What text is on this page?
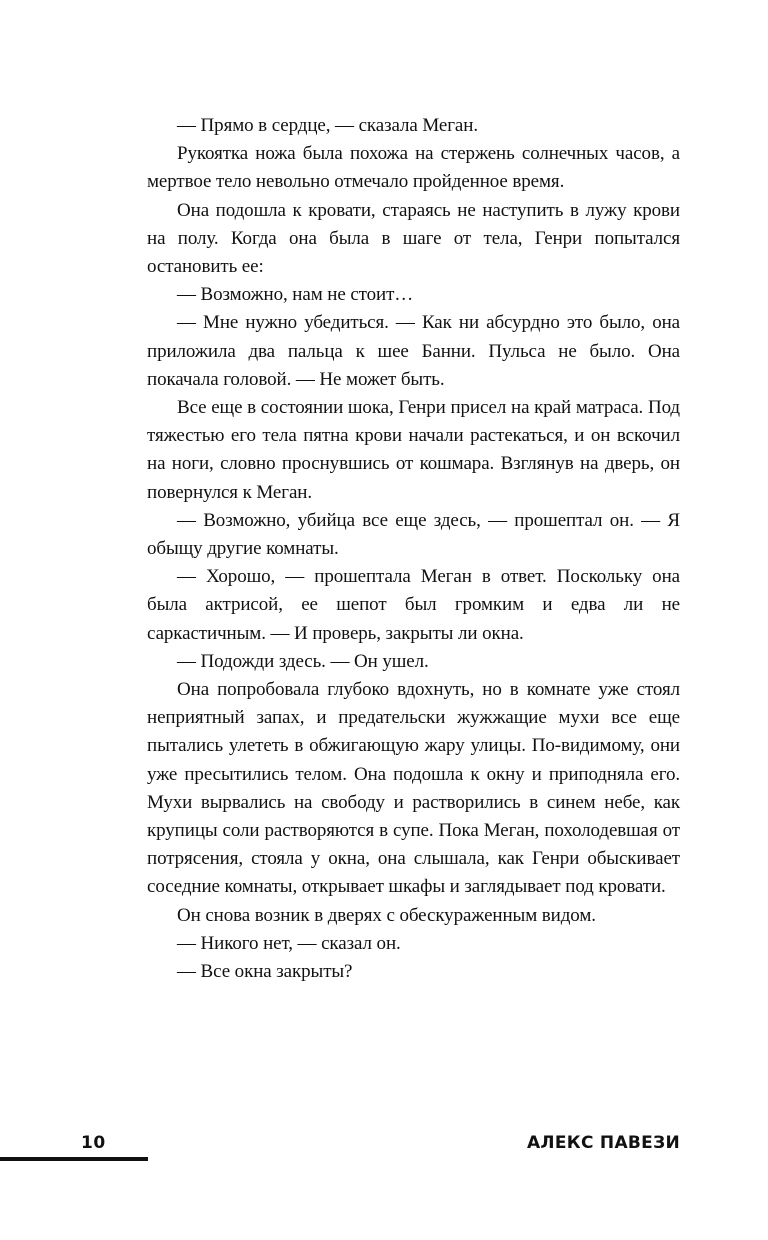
— Прямо в сердце, — сказала Меган.

Рукоятка ножа была похожа на стержень солнечных часов, а мертвое тело невольно отмечало пройденное время.

Она подошла к кровати, стараясь не наступить в лужу крови на полу. Когда она была в шаге от тела, Генри попытался остановить ее:

— Возможно, нам не стоит…

— Мне нужно убедиться. — Как ни абсурдно это было, она приложила два пальца к шее Банни. Пульса не было. Она покачала головой. — Не может быть.

Все еще в состоянии шока, Генри присел на край матраса. Под тяжестью его тела пятна крови начали растекаться, и он вскочил на ноги, словно проснувшись от кошмара. Взглянув на дверь, он повернулся к Меган.

— Возможно, убийца все еще здесь, — прошептал он. — Я обыщу другие комнаты.

— Хорошо, — прошептала Меган в ответ. Поскольку она была актрисой, ее шепот был громким и едва ли не саркастичным. — И проверь, закрыты ли окна.

— Подожди здесь. — Он ушел.

Она попробовала глубоко вдохнуть, но в комнате уже стоял неприятный запах, и предательски жужжащие мухи все еще пытались улететь в обжигающую жару улицы. По-видимому, они уже пресытились телом. Она подошла к окну и приподняла его. Мухи вырвались на свободу и растворились в синем небе, как крупицы соли растворяются в супе. Пока Меган, похолодевшая от потрясения, стояла у окна, она слышала, как Генри обыскивает соседние комнаты, открывает шкафы и заглядывает под кровати.

Он снова возник в дверях с обескураженным видом.

— Никого нет, — сказал он.

— Все окна закрыты?

10	АЛЕКС ПАВЕЗИ
